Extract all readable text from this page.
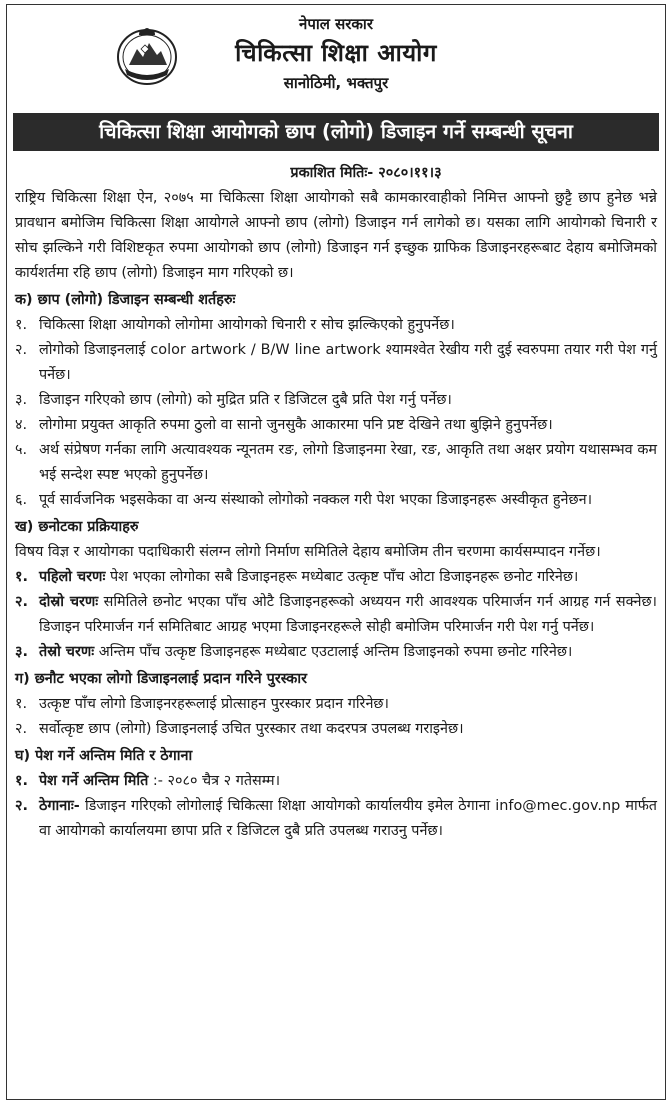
नेपाल सरकार
चिकित्सा शिक्षा आयोग
सानोठिमी, भक्तपुर
चिकित्सा शिक्षा आयोगको छाप (लोगो) डिजाइन गर्ने सम्बन्धी सूचना
प्रकाशित मितिः- २०८०।११।३
राष्ट्रिय चिकित्सा शिक्षा ऐन, २०७५ मा चिकित्सा शिक्षा आयोगको सबै कामकारवाहीको निमित्त आफ्नो छुट्टै छाप हुनेछ भन्ने प्रावधान बमोजिम चिकित्सा शिक्षा आयोगले आफ्नो छाप (लोगो) डिजाइन गर्न लागेको छ। यसका लागि आयोगको चिनारी र सोच झल्किने गरी विशिष्टकृत रुपमा आयोगको छाप (लोगो) डिजाइन गर्न इच्छुक ग्राफिक डिजाइनरहरूबाट देहाय बमोजिमको कार्यशर्तमा रहि छाप (लोगो) डिजाइन माग गरिएको छ।
क) छाप (लोगो) डिजाइन सम्बन्धी शर्तहरुः
१. चिकित्सा शिक्षा आयोगको लोगोमा आयोगको चिनारी र सोच झल्किएको हुनुपर्नेछ।
२. लोगोको डिजाइनलाई color artwork / B/W line artwork श्यामश्वेत रेखीय गरी दुई स्वरुपमा तयार गरी पेश गर्नु पर्नेछ।
३. डिजाइन गरिएको छाप (लोगो) को मुद्रित प्रति र डिजिटल दुबै प्रति पेश गर्नु पर्नेछ।
४. लोगोमा प्रयुक्त आकृति रुपमा ठुलो वा सानो जुनसुकै आकारमा पनि प्रष्ट देखिने तथा बुझिने हुनुपर्नेछ।
५. अर्थ संप्रेषण गर्नका लागि अत्यावश्यक न्यूनतम रङ, लोगो डिजाइनमा रेखा, रङ, आकृति तथा अक्षर प्रयोग यथासम्भव कम भई सन्देश स्पष्ट भएको हुनुपर्नेछ।
६. पूर्व सार्वजनिक भइसकेका वा अन्य संस्थाको लोगोको नक्कल गरी पेश भएका डिजाइनहरू अस्वीकृत हुनेछन।
ख) छनोटका प्रक्रियाहरु
विषय विज्ञ र आयोगका पदाधिकारी संलग्न लोगो निर्माण समितिले देहाय बमोजिम तीन चरणमा कार्यसम्पादन गर्नेछ।
१. पहिलो चरणः पेश भएका लोगोका सबै डिजाइनहरू मध्येबाट उत्कृष्ट पाँच ओटा डिजाइनहरू छनोट गरिनेछ।
२. दोस्रो चरणः समितिले छनोट भएका पाँच ओटै डिजाइनहरूको अध्ययन गरी आवश्यक परिमार्जन गर्न आग्रह गर्न सक्नेछ। डिजाइन परिमार्जन गर्न समितिबाट आग्रह भएमा डिजाइनरहरूले सोही बमोजिम परिमार्जन गरी पेश गर्नु पर्नेछ।
३. तेस्रो चरणः अन्तिम पाँच उत्कृष्ट डिजाइनहरू मध्येबाट एउटालाई अन्तिम डिजाइनको रुपमा छनोट गरिनेछ।
ग) छनौट भएका लोगो डिजाइनलाई प्रदान गरिने पुरस्कार
१. उत्कृष्ट पाँच लोगो डिजाइनरहरूलाई प्रोत्साहन पुरस्कार प्रदान गरिनेछ।
२. सर्वोत्कृष्ट छाप (लोगो) डिजाइनलाई उचित पुरस्कार तथा कदरपत्र उपलब्ध गराइनेछ।
घ) पेश गर्ने अन्तिम मिति र ठेगाना
१. पेश गर्ने अन्तिम मिति :- २०८० चैत्र २ गतेसम्म।
२. ठेगानाः- डिजाइन गरिएको लोगोलाई चिकित्सा शिक्षा आयोगको कार्यालयीय इमेल ठेगाना info@mec.gov.np मार्फत वा आयोगको कार्यालयमा छापा प्रति र डिजिटल दुबै प्रति उपलब्ध गराउनु पर्नेछ।
